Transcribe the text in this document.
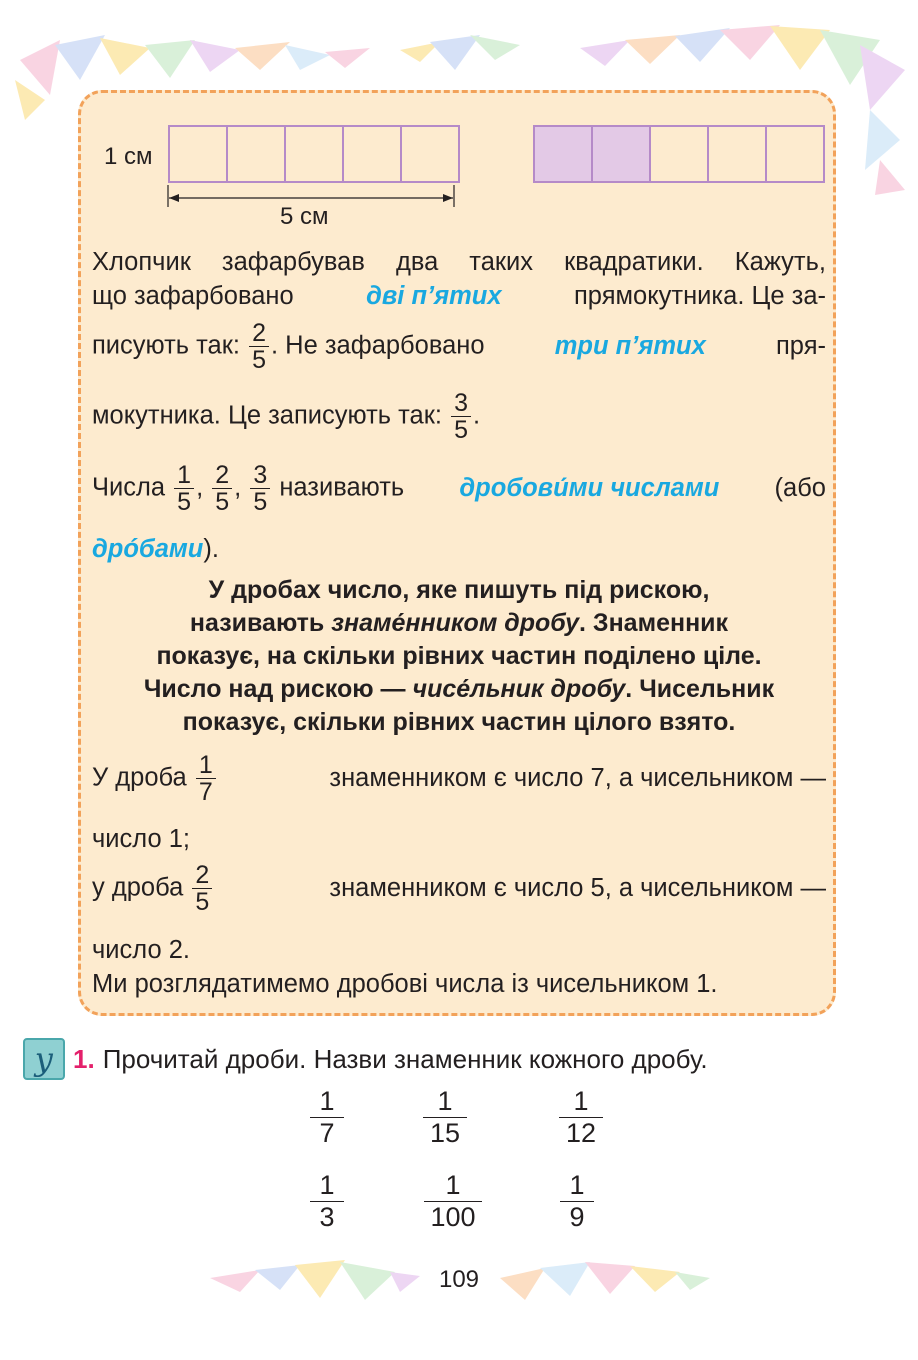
1 см
5 см
Хлопчик зафарбував два таких квадратики. Кажуть,
що зафарбовано	дві п’ятих	прямокутника. Це за-
писують так: $\frac{2}{5}$ . Не зафарбовано	три п’ятих	пря-
мокутника. Це записують так: $\frac{3}{5}$ .
Числа $\frac{1}{5}$ , $\frac{2}{5}$ , $\frac{3}{5}$ називають дробови́ми числами (або
дрóбами).
У дробах число, яке пишуть під рискою,
називають знаме́нником дробу. Знаменник
показує, на скільки рівних частин поділено ціле.
Число над рискою — чисе́льник дробу. Чисельник
показує, скільки рівних частин цілого взято.
У дроба $\frac{1}{7}$	знаменником є число 7, а чисельником —
число 1;
у дроба $\frac{2}{5}$	знаменником є число 5, а чисельником —
число 2.
Ми розглядатимемо дробові числа із чисельником 1.
у 1. Прочитай дроби. Назви знаменник кожного дробу.
$\frac{1}{7}$	$\frac{1}{15}$	$\frac{1}{12}$
$\frac{1}{3}$	$\frac{1}{100}$	$\frac{1}{9}$
109
